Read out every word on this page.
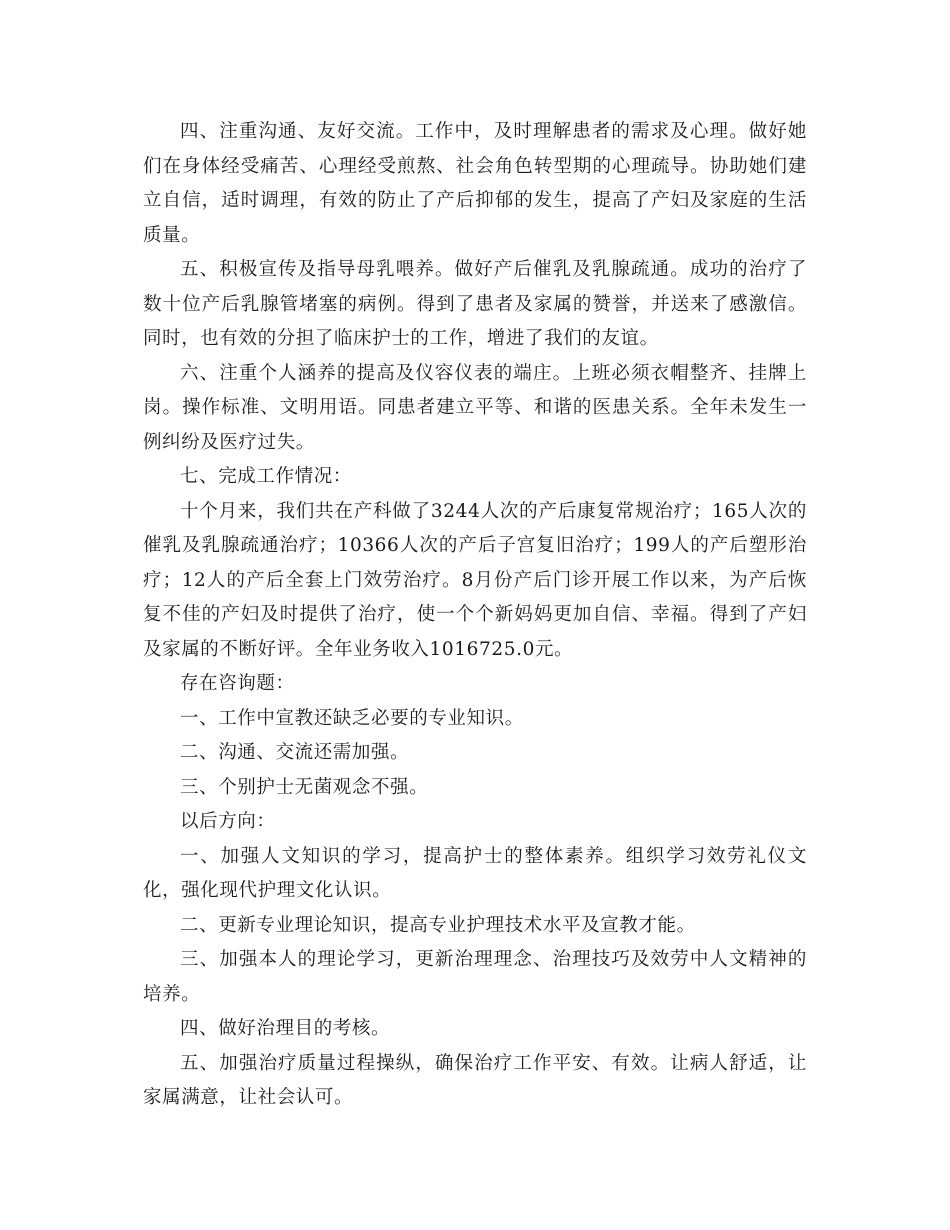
四、注重沟通、友好交流。工作中，及时理解患者的需求及心理。做好她们在身体经受痛苦、心理经受煎熬、社会角色转型期的心理疏导。协助她们建立自信，适时调理，有效的防止了产后抑郁的发生，提高了产妇及家庭的生活质量。

五、积极宣传及指导母乳喂养。做好产后催乳及乳腺疏通。成功的治疗了数十位产后乳腺管堵塞的病例。得到了患者及家属的赞誉，并送来了感激信。同时，也有效的分担了临床护士的工作，增进了我们的友谊。

六、注重个人涵养的提高及仪容仪表的端庄。上班必须衣帽整齐、挂牌上岗。操作标准、文明用语。同患者建立平等、和谐的医患关系。全年未发生一例纠纷及医疗过失。

七、完成工作情况：

十个月来，我们共在产科做了3244人次的产后康复常规治疗；165人次的催乳及乳腺疏通治疗；10366人次的产后子宫复旧治疗；199人的产后塑形治疗；12人的产后全套上门效劳治疗。8月份产后门诊开展工作以来，为产后恢复不佳的产妇及时提供了治疗，使一个个新妈妈更加自信、幸福。得到了产妇及家属的不断好评。全年业务收入1016725.0元。

存在咨询题：

一、工作中宣教还缺乏必要的专业知识。

二、沟通、交流还需加强。

三、个别护士无菌观念不强。

以后方向：

一、加强人文知识的学习，提高护士的整体素养。组织学习效劳礼仪文化，强化现代护理文化认识。

二、更新专业理论知识，提高专业护理技术水平及宣教才能。

三、加强本人的理论学习，更新治理理念、治理技巧及效劳中人文精神的培养。

四、做好治理目的考核。

五、加强治疗质量过程操纵，确保治疗工作平安、有效。让病人舒适，让家属满意，让社会认可。
